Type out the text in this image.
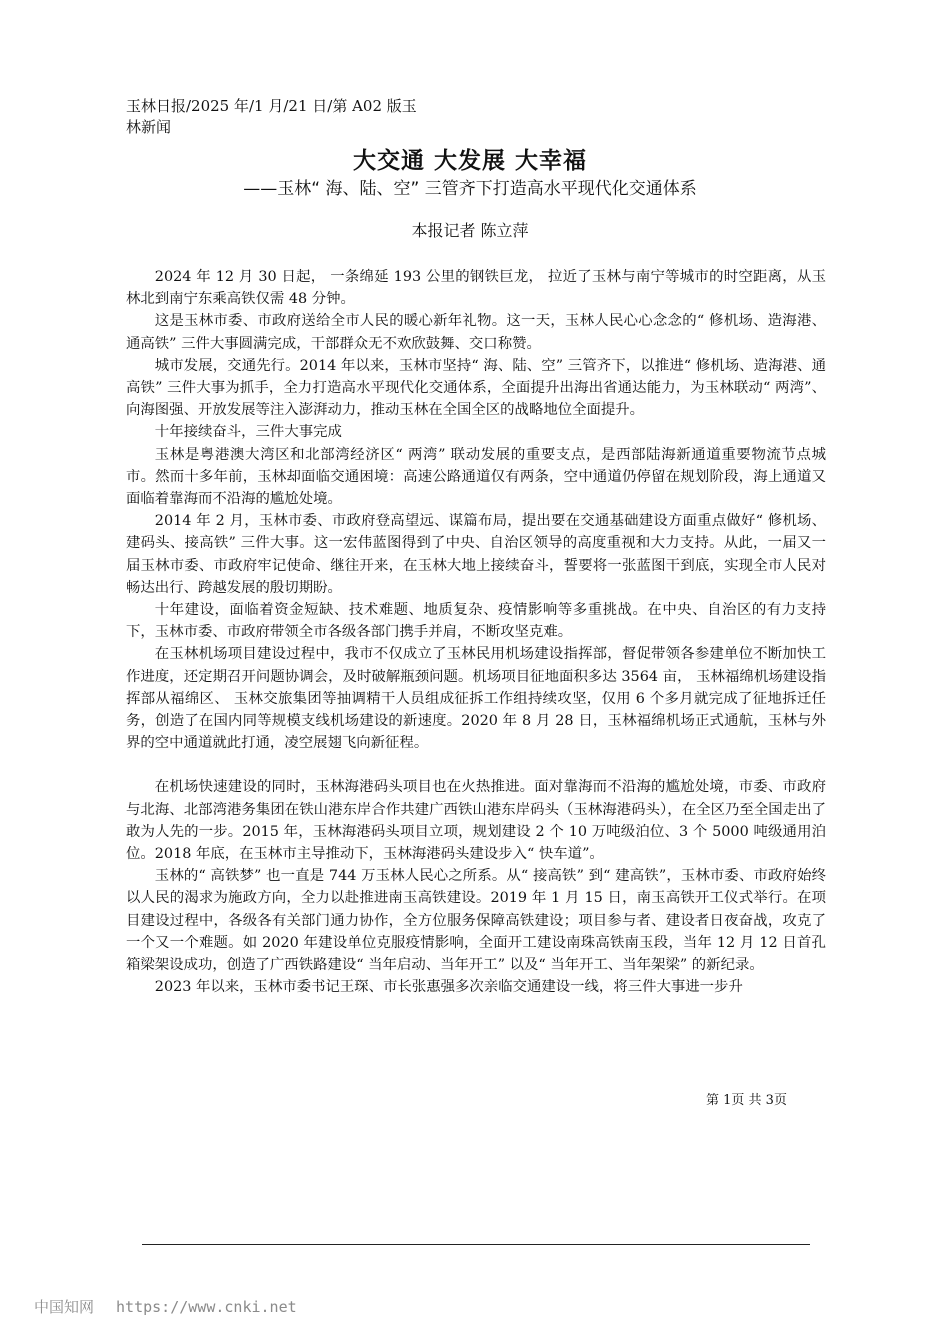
玉林日报/2025 年/1 月/21 日/第 A02 版玉林新闻
大交通 大发展 大幸福
——玉林“ 海、陆、空” 三管齐下打造高水平现代化交通体系
本报记者 陈立萍

2024 年 12 月 30 日起， 一条绵延 193 公里的钢铁巨龙， 拉近了玉林与南宁等城市的时空距离，从玉林北到南宁东乘高铁仅需 48 分钟。

这是玉林市委、市政府送给全市人民的暖心新年礼物。这一天，玉林人民心心念念的“ 修机场、造海港、通高铁” 三件大事圆满完成，干部群众无不欢欣鼓舞、交口称赞。

城市发展，交通先行。2014 年以来，玉林市坚持“ 海、陆、空” 三管齐下，以推进“ 修机场、造海港、通高铁” 三件大事为抓手，全力打造高水平现代化交通体系，全面提升出海出省通达能力，为玉林联动“ 两湾”、向海图强、开放发展等注入澎湃动力，推动玉林在全国全区的战略地位全面提升。

十年接续奋斗，三件大事完成

玉林是粤港澳大湾区和北部湾经济区“ 两湾” 联动发展的重要支点，是西部陆海新通道重要物流节点城市。然而十多年前，玉林却面临交通困境：高速公路通道仅有两条，空中通道仍停留在规划阶段，海上通道又面临着靠海而不沿海的尴尬处境。

2014 年 2 月，玉林市委、市政府登高望远、谋篇布局，提出要在交通基础建设方面重点做好“ 修机场、建码头、接高铁” 三件大事。这一宏伟蓝图得到了中央、自治区领导的高度重视和大力支持。从此，一届又一届玉林市委、市政府牢记使命、继往开来，在玉林大地上接续奋斗，誓要将一张蓝图干到底，实现全市人民对畅达出行、跨越发展的殷切期盼。

十年建设，面临着资金短缺、技术难题、地质复杂、疫情影响等多重挑战。在中央、自治区的有力支持下，玉林市委、市政府带领全市各级各部门携手并肩，不断攻坚克难。

在玉林机场项目建设过程中，我市不仅成立了玉林民用机场建设指挥部，督促带领各参建单位不断加快工作进度，还定期召开问题协调会，及时破解瓶颈问题。机场项目征地面积多达 3564 亩， 玉林福绵机场建设指挥部从福绵区、 玉林交旅集团等抽调精干人员组成征拆工作组持续攻坚，仅用 6 个多月就完成了征地拆迁任务，创造了在国内同等规模支线机场建设的新速度。2020 年 8 月 28 日，玉林福绵机场正式通航，玉林与外界的空中通道就此打通，凌空展翅飞向新征程。

在机场快速建设的同时，玉林海港码头项目也在火热推进。面对靠海而不沿海的尴尬处境，市委、市政府与北海、北部湾港务集团在铁山港东岸合作共建广西铁山港东岸码头（玉林海港码头），在全区乃至全国走出了敢为人先的一步。2015 年，玉林海港码头项目立项，规划建设 2 个 10 万吨级泊位、3 个 5000 吨级通用泊位。2018 年底，在玉林市主导推动下，玉林海港码头建设步入“ 快车道”。

玉林的“ 高铁梦” 也一直是 744 万玉林人民心之所系。从“ 接高铁” 到“ 建高铁”，玉林市委、市政府始终以人民的渴求为施政方向，全力以赴推进南玉高铁建设。2019 年 1 月 15 日，南玉高铁开工仪式举行。在项目建设过程中，各级各有关部门通力协作，全方位服务保障高铁建设；项目参与者、建设者日夜奋战，攻克了一个又一个难题。如 2020 年建设单位克服疫情影响，全面开工建设南珠高铁南玉段，当年 12 月 12 日首孔箱梁架设成功，创造了广西铁路建设“ 当年启动、当年开工” 以及“ 当年开工、当年架梁” 的新纪录。

2023 年以来，玉林市委书记王琛、市长张惠强多次亲临交通建设一线，将三件大事进一步升

第 1页 共 3页
中国知网 https://www.cnki.net
